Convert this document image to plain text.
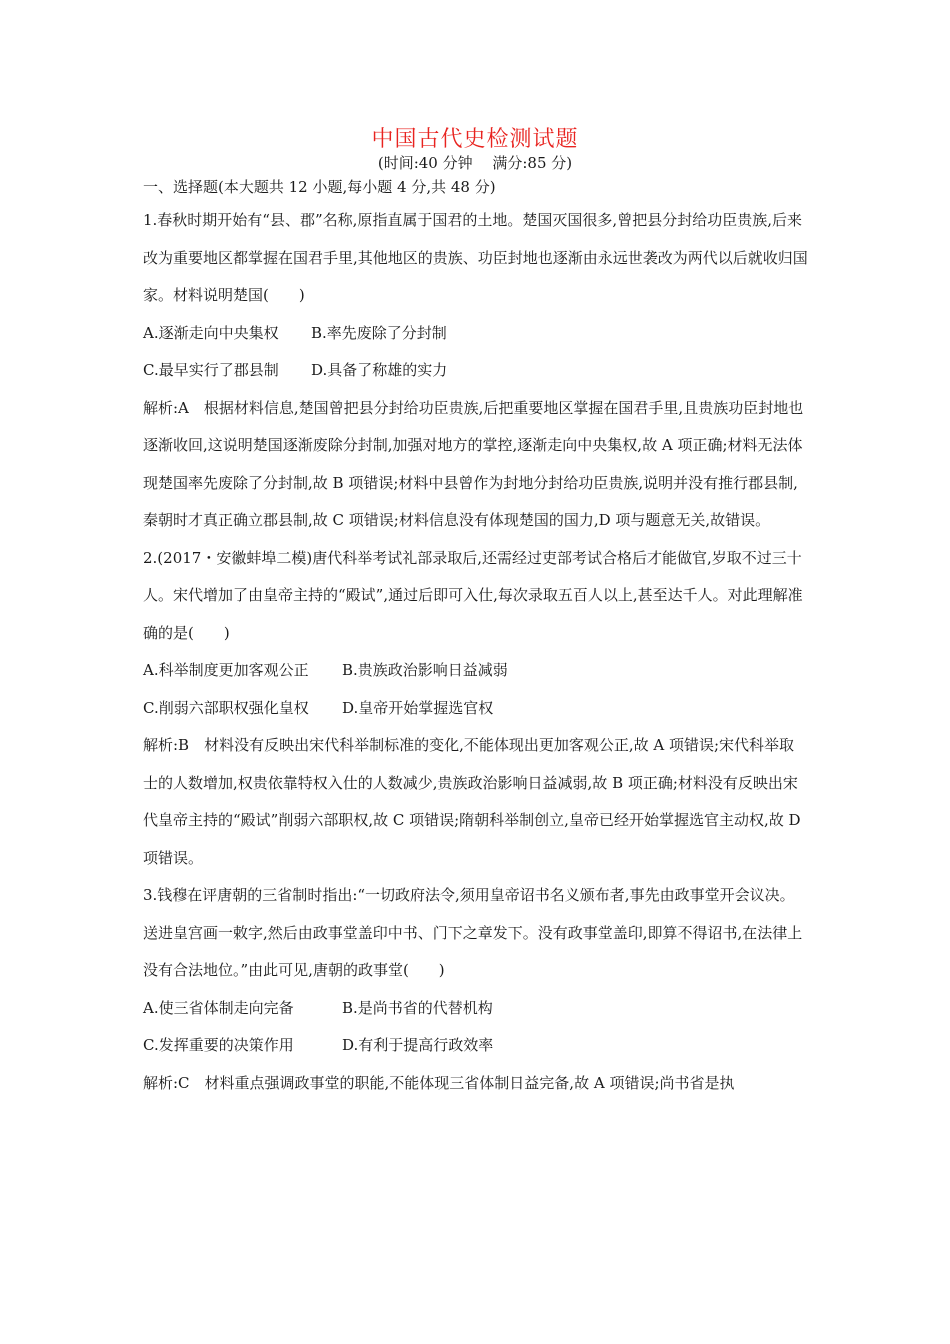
中国古代史检测试题
(时间:40 分钟　 满分:85 分)
一、选择题(本大题共 12 小题,每小题 4 分,共 48 分)

1.春秋时期开始有“县、郡”名称,原指直属于国君的土地。楚国灭国很多,曾把县分封给功臣贵族,后来改为重要地区都掌握在国君手里,其他地区的贵族、功臣封地也逐渐由永远世袭改为两代以后就收归国家。材料说明楚国(　　)

A.逐渐走向中央集权 B.率先废除了分封制

C.最早实行了郡县制 D.具备了称雄的实力

解析:A　根据材料信息,楚国曾把县分封给功臣贵族,后把重要地区掌握在国君手里,且贵族功臣封地也逐渐收回,这说明楚国逐渐废除分封制,加强对地方的掌控,逐渐走向中央集权,故 A 项正确;材料无法体现楚国率先废除了分封制,故 B 项错误;材料中县曾作为封地分封给功臣贵族,说明并没有推行郡县制,秦朝时才真正确立郡县制,故 C 项错误;材料信息没有体现楚国的国力,D 项与题意无关,故错误。

2.(2017・安徽蚌埠二模)唐代科举考试礼部录取后,还需经过吏部考试合格后才能做官,岁取不过三十人。宋代增加了由皇帝主持的“殿试”,通过后即可入仕,每次录取五百人以上,甚至达千人。对此理解准确的是(　　)

A.科举制度更加客观公正 B.贵族政治影响日益减弱

C.削弱六部职权强化皇权 D.皇帝开始掌握选官权

解析:B　材料没有反映出宋代科举制标准的变化,不能体现出更加客观公正,故 A 项错误;宋代科举取士的人数增加,权贵依靠特权入仕的人数减少,贵族政治影响日益减弱,故 B 项正确;材料没有反映出宋代皇帝主持的“殿试”削弱六部职权,故 C 项错误;隋朝科举制创立,皇帝已经开始掌握选官主动权,故 D 项错误。

3.钱穆在评唐朝的三省制时指出:“一切政府法令,须用皇帝诏书名义颁布者,事先由政事堂开会议决。送进皇宫画一敕字,然后由政事堂盖印中书、门下之章发下。没有政事堂盖印,即算不得诏书,在法律上没有合法地位。”由此可见,唐朝的政事堂(　　)

A.使三省体制走向完备	B.是尚书省的代替机构

C.发挥重要的决策作用	D.有利于提高行政效率

解析:C　材料重点强调政事堂的职能,不能体现三省体制日益完备,故 A 项错误;尚书省是执
